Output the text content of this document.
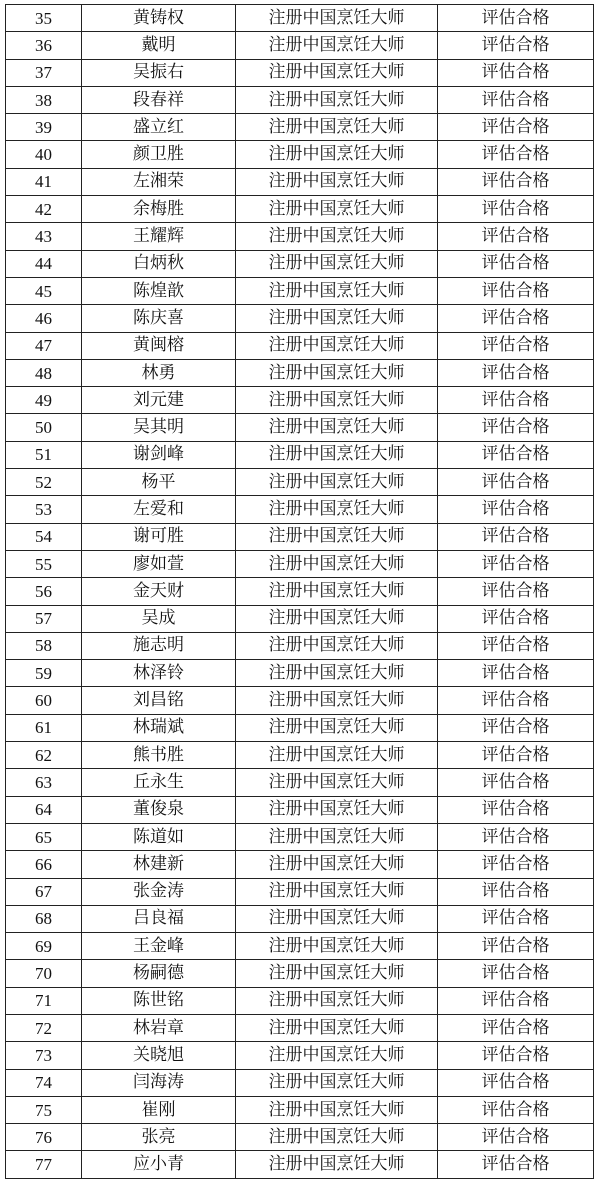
35	黄铸权	注册中国烹饪大师	评估合格
36	戴明	注册中国烹饪大师	评估合格
37	吴振右	注册中国烹饪大师	评估合格
38	段春祥	注册中国烹饪大师	评估合格
39	盛立红	注册中国烹饪大师	评估合格
40	颜卫胜	注册中国烹饪大师	评估合格
41	左湘荣	注册中国烹饪大师	评估合格
42	余梅胜	注册中国烹饪大师	评估合格
43	王耀辉	注册中国烹饪大师	评估合格
44	白炳秋	注册中国烹饪大师	评估合格
45	陈煌歆	注册中国烹饪大师	评估合格
46	陈庆喜	注册中国烹饪大师	评估合格
47	黄闽榕	注册中国烹饪大师	评估合格
48	林勇	注册中国烹饪大师	评估合格
49	刘元建	注册中国烹饪大师	评估合格
50	吴其明	注册中国烹饪大师	评估合格
51	谢剑峰	注册中国烹饪大师	评估合格
52	杨平	注册中国烹饪大师	评估合格
53	左爱和	注册中国烹饪大师	评估合格
54	谢可胜	注册中国烹饪大师	评估合格
55	廖如萱	注册中国烹饪大师	评估合格
56	金天财	注册中国烹饪大师	评估合格
57	吴成	注册中国烹饪大师	评估合格
58	施志明	注册中国烹饪大师	评估合格
59	林泽铃	注册中国烹饪大师	评估合格
60	刘昌铭	注册中国烹饪大师	评估合格
61	林瑞斌	注册中国烹饪大师	评估合格
62	熊书胜	注册中国烹饪大师	评估合格
63	丘永生	注册中国烹饪大师	评估合格
64	董俊泉	注册中国烹饪大师	评估合格
65	陈道如	注册中国烹饪大师	评估合格
66	林建新	注册中国烹饪大师	评估合格
67	张金涛	注册中国烹饪大师	评估合格
68	吕良福	注册中国烹饪大师	评估合格
69	王金峰	注册中国烹饪大师	评估合格
70	杨嗣德	注册中国烹饪大师	评估合格
71	陈世铭	注册中国烹饪大师	评估合格
72	林岩章	注册中国烹饪大师	评估合格
73	关晓旭	注册中国烹饪大师	评估合格
74	闫海涛	注册中国烹饪大师	评估合格
75	崔刚	注册中国烹饪大师	评估合格
76	张亮	注册中国烹饪大师	评估合格
77	应小青	注册中国烹饪大师	评估合格
